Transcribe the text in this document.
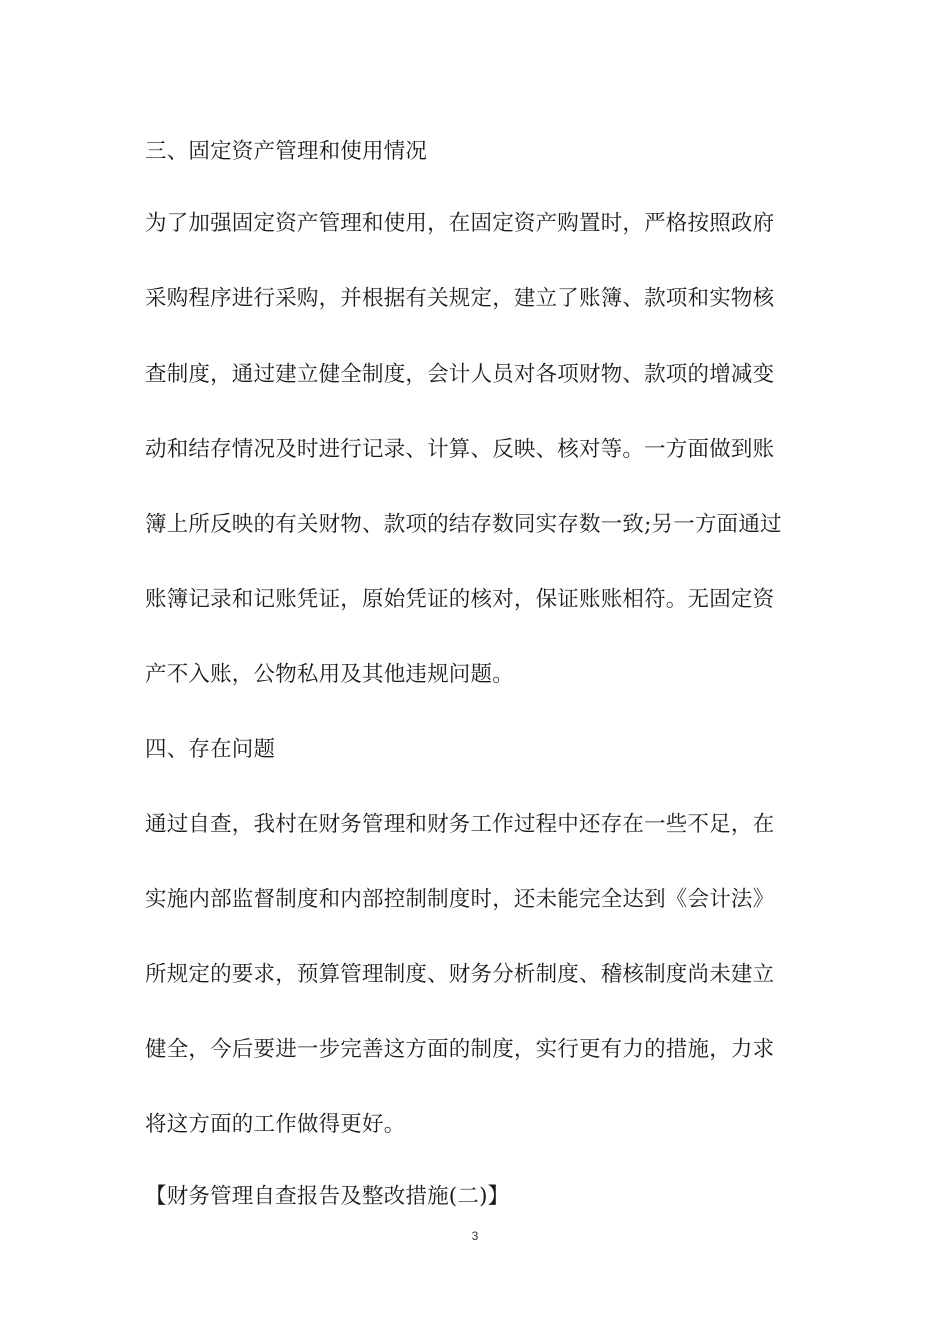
三、固定资产管理和使用情况
为了加强固定资产管理和使用，在固定资产购置时，严格按照政府
采购程序进行采购，并根据有关规定，建立了账簿、款项和实物核
查制度，通过建立健全制度，会计人员对各项财物、款项的增减变
动和结存情况及时进行记录、计算、反映、核对等。一方面做到账
簿上所反映的有关财物、款项的结存数同实存数一致;另一方面通过
账簿记录和记账凭证，原始凭证的核对，保证账账相符。无固定资
产不入账，公物私用及其他违规问题。
四、存在问题
通过自查，我村在财务管理和财务工作过程中还存在一些不足，在
实施内部监督制度和内部控制制度时，还未能完全达到《会计法》
所规定的要求，预算管理制度、财务分析制度、稽核制度尚未建立
健全，今后要进一步完善这方面的制度，实行更有力的措施，力求
将这方面的工作做得更好。
【财务管理自查报告及整改措施(二)】
3
